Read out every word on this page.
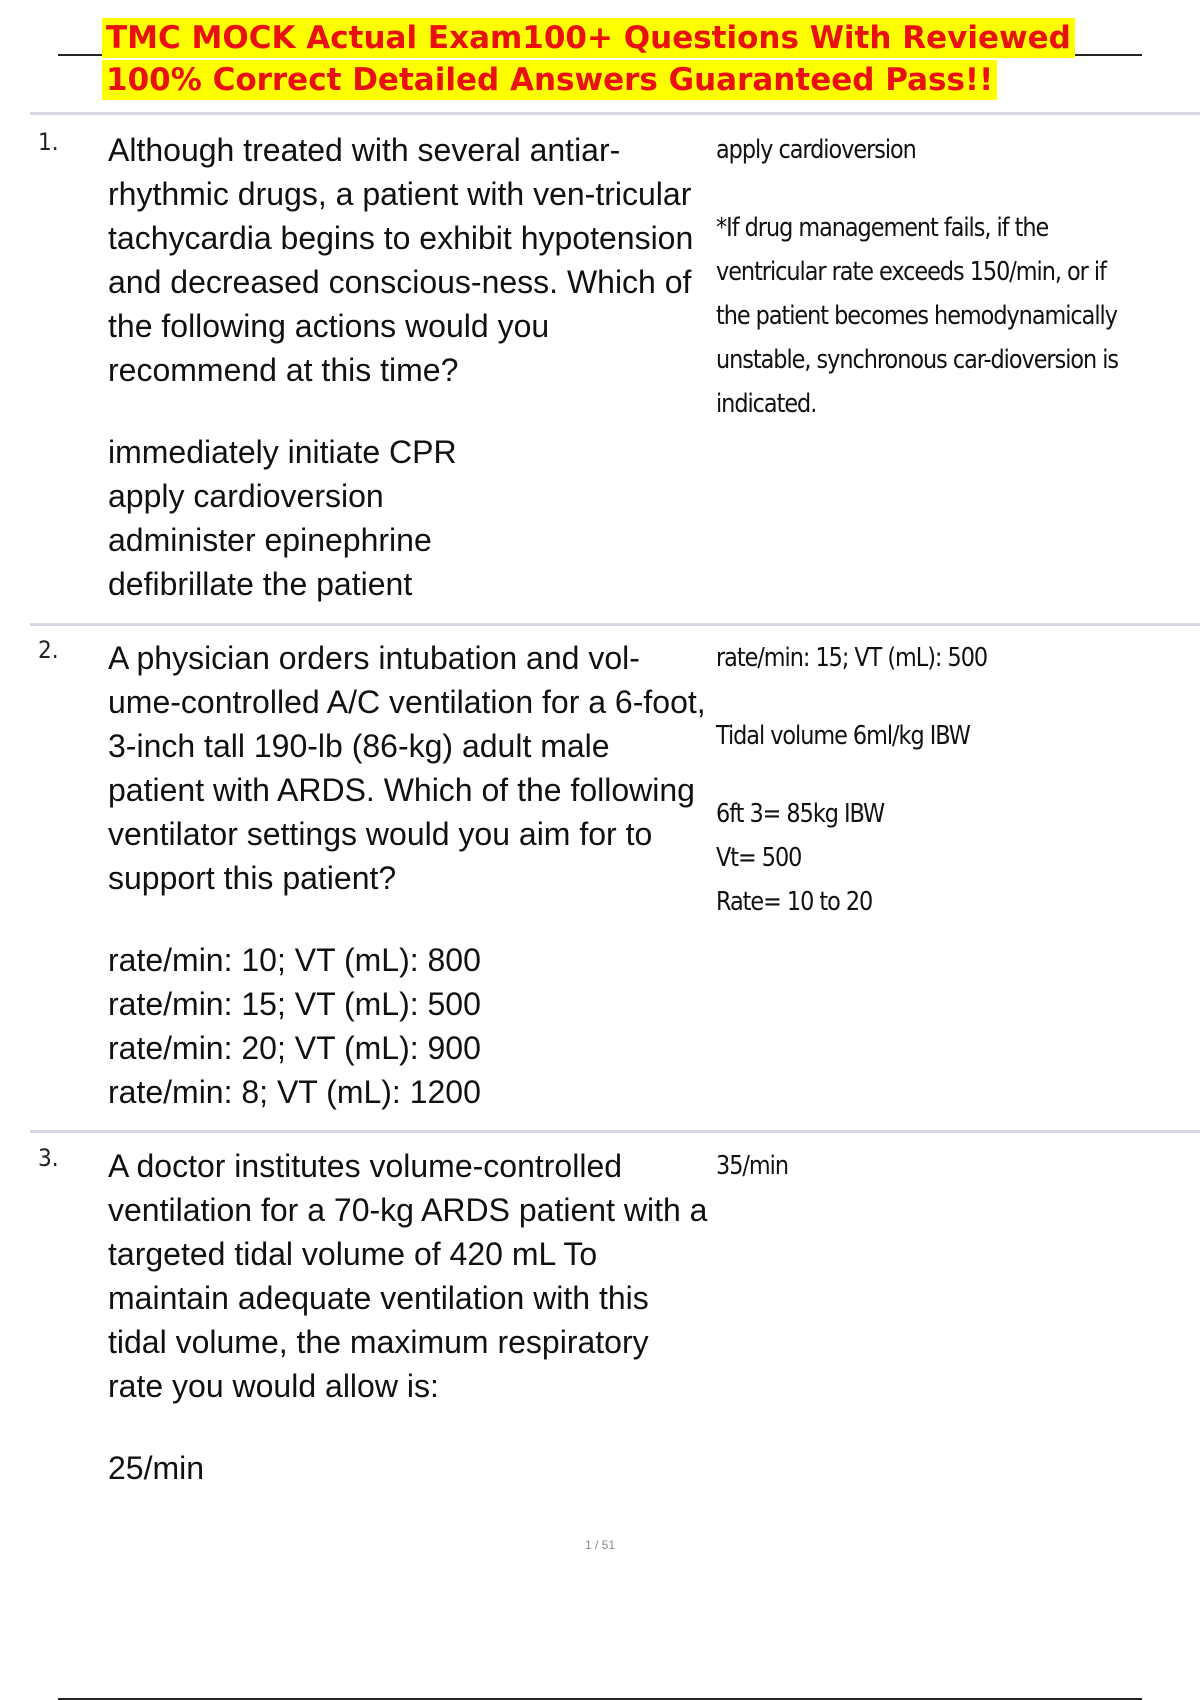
TMC MOCK Actual Exam100+ Questions With Reviewed
100% Correct Detailed Answers Guaranteed Pass!!
1. Although treated with several antiar-rhythmic drugs, a patient with ven-tricular tachycardia begins to exhibit hypotension and decreased conscious-ness. Which of the following actions would you recommend at this time?

immediately initiate CPR
apply cardioversion
administer epinephrine
defibrillate the patient
apply cardioversion
*If drug management fails, if the ventricular rate exceeds 150/min, or if the patient becomes hemodynamically unstable, synchronous car-dioversion is indicated.
2. A physician orders intubation and vol-ume-controlled A/C ventilation for a 6-foot, 3-inch tall 190-lb (86-kg) adult male patient with ARDS. Which of the following ventilator settings would you aim for to support this patient?

rate/min: 10; VT (mL): 800
rate/min: 15; VT (mL): 500
rate/min: 20; VT (mL): 900
rate/min: 8; VT (mL): 1200
rate/min: 15; VT (mL): 500
Tidal volume 6ml/kg IBW
6ft 3= 85kg IBW
Vt= 500
Rate= 10 to 20
3. A doctor institutes volume-controlled ventilation for a 70-kg ARDS patient with a targeted tidal volume of 420 mL To maintain adequate ventilation with this tidal volume, the maximum respiratory rate you would allow is:

25/min
35/min
1 / 51
